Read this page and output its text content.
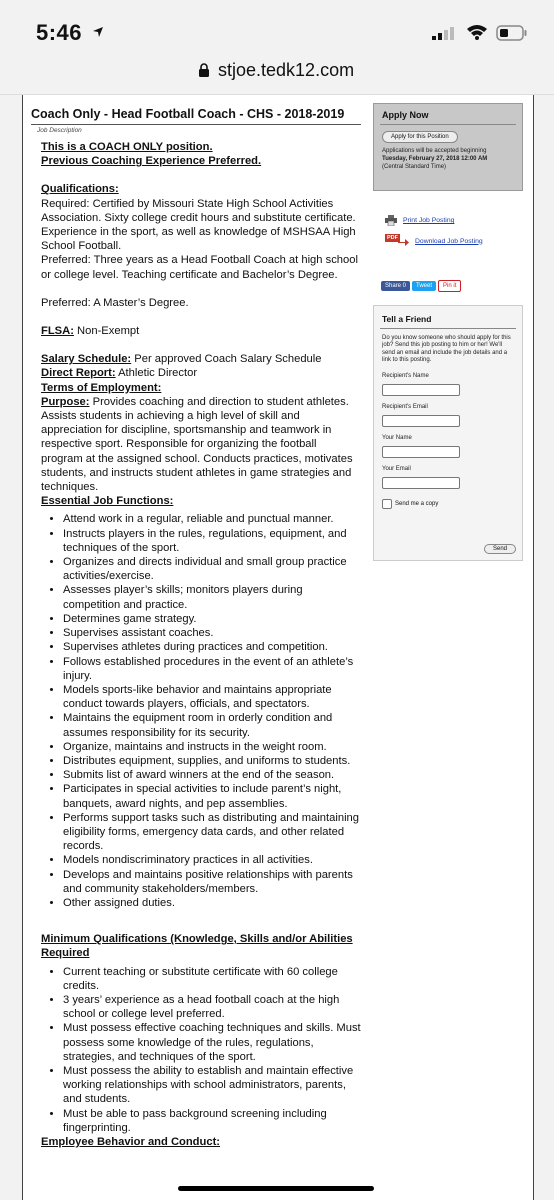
5:46
stjoe.tedk12.com
Coach Only - Head Football Coach - CHS - 2018-2019
Job Description

This is a COACH ONLY position.

Previous Coaching Experience Preferred.

Qualifications:

Required: Certified by Missouri State High School Activities Association. Sixty college credit hours and substitute certificate. Experience in the sport, as well as knowledge of MSHSAA High School Football.

Preferred: Three years as a Head Football Coach at high school or college level. Teaching certificate and Bachelor’s Degree.

Preferred: A Master’s Degree.

FLSA: Non-Exempt

Salary Schedule: Per approved Coach Salary Schedule

Direct Report: Athletic Director

Terms of Employment:

Purpose: Provides coaching and direction to student athletes. Assists students in achieving a high level of skill and appreciation for discipline, sportsmanship and teamwork in respective sport. Responsible for organizing the football program at the assigned school. Conducts practices, motivates students, and instructs student athletes in game strategies and techniques.

Essential Job Functions:

• Attend work in a regular, reliable and punctual manner.
• Instructs players in the rules, regulations, equipment, and techniques of the sport.
• Organizes and directs individual and small group practice activities/exercise.
• Assesses player’s skills; monitors players during competition and practice.
• Determines game strategy.
• Supervises assistant coaches.
• Supervises athletes during practices and competition.
• Follows established procedures in the event of an athlete’s injury.
• Models sports-like behavior and maintains appropriate conduct towards players, officials, and spectators.
• Maintains the equipment room in orderly condition and assumes responsibility for its security.
• Organize, maintains and instructs in the weight room.
• Distributes equipment, supplies, and uniforms to students.
• Submits list of award winners at the end of the season.
• Participates in special activities to include parent’s night, banquets, award nights, and pep assemblies.
• Performs support tasks such as distributing and maintaining eligibility forms, emergency data cards, and other related records.
• Models nondiscriminatory practices in all activities.
• Develops and maintains positive relationships with parents and community stakeholders/members.
• Other assigned duties.

Minimum Qualifications (Knowledge, Skills and/or Abilities Required

• Current teaching or substitute certificate with 60 college credits.
• 3 years’ experience as a head football coach at the high school or college level preferred.
• Must possess effective coaching techniques and skills. Must possess some knowledge of the rules, regulations, strategies, and techniques of the sport.
• Must possess the ability to establish and maintain effective working relationships with school administrators, parents, and students.
• Must be able to pass background screening including fingerprinting.

Employee Behavior and Conduct:

Apply Now
Apply for this Position
Applications will be accepted beginning
Tuesday, February 27, 2018 12:00 AM
(Central Standard Time)
Print Job Posting
PDF	Download Job Posting
Share 0 Tweet Pin it
Tell a Friend
Do you know someone who should apply for this job? Send this job posting to him or her! We'll send an email and include the job details and a link to this posting.
Recipient's Name
Recipient's Email
Your Name
Your Email
Send me a copy
Send
